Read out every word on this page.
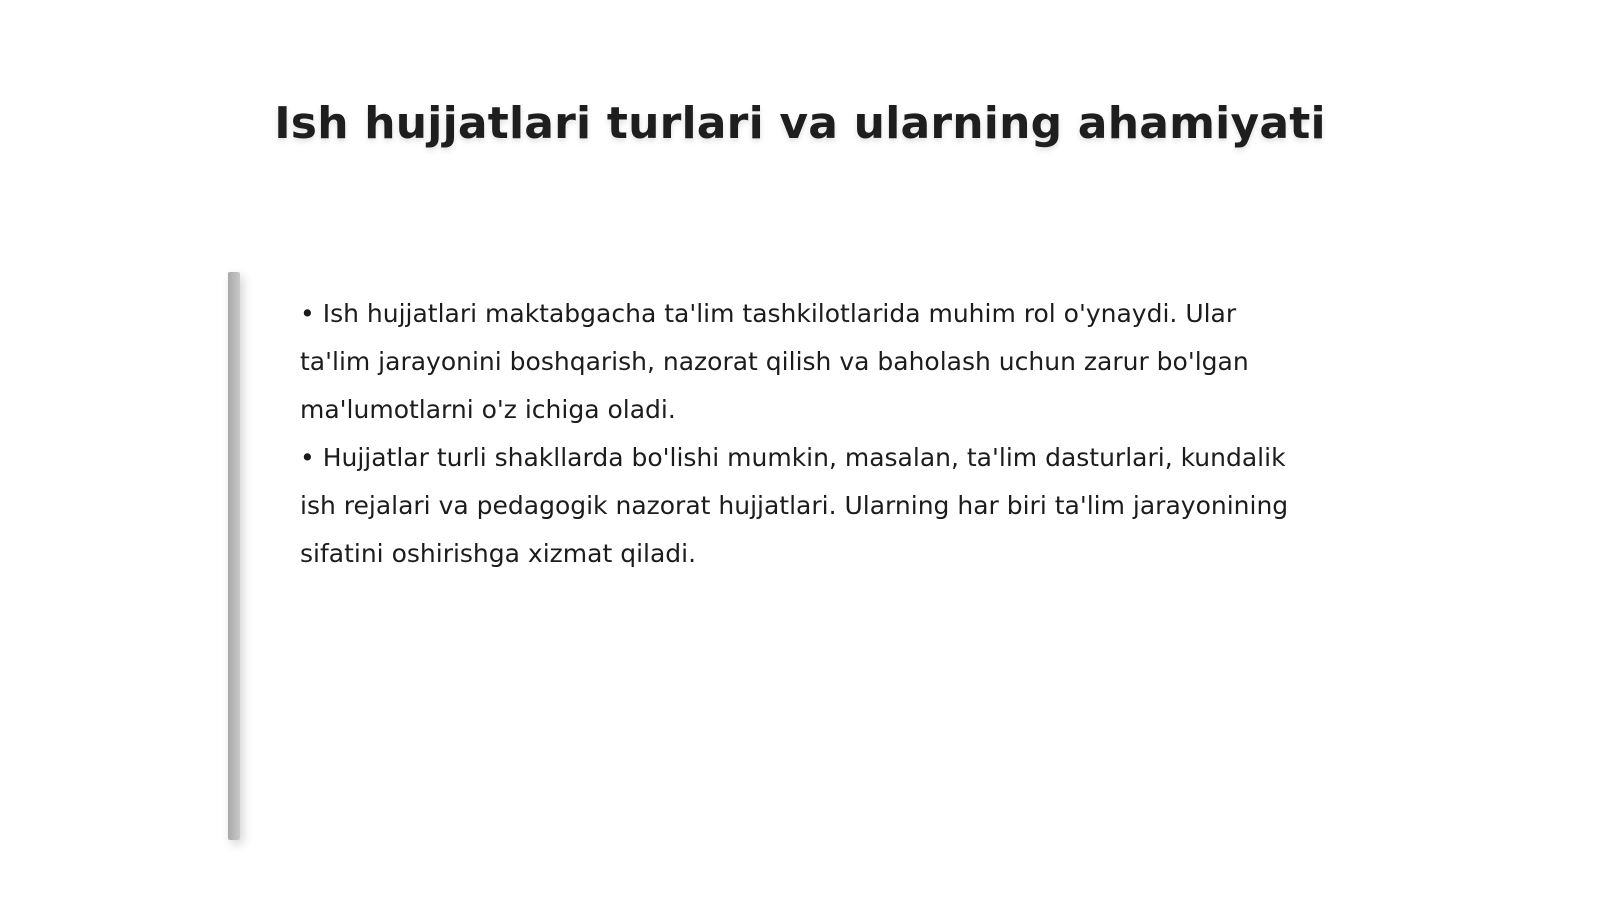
Ish hujjatlari turlari va ularning ahamiyati

• Ish hujjatlari maktabgacha ta'lim tashkilotlarida muhim rol o'ynaydi. Ular ta'lim jarayonini boshqarish, nazorat qilish va baholash uchun zarur bo'lgan ma'lumotlarni o'z ichiga oladi.

• Hujjatlar turli shakllarda bo'lishi mumkin, masalan, ta'lim dasturlari, kundalik ish rejalari va pedagogik nazorat hujjatlari. Ularning har biri ta'lim jarayonining sifatini oshirishga xizmat qiladi.
